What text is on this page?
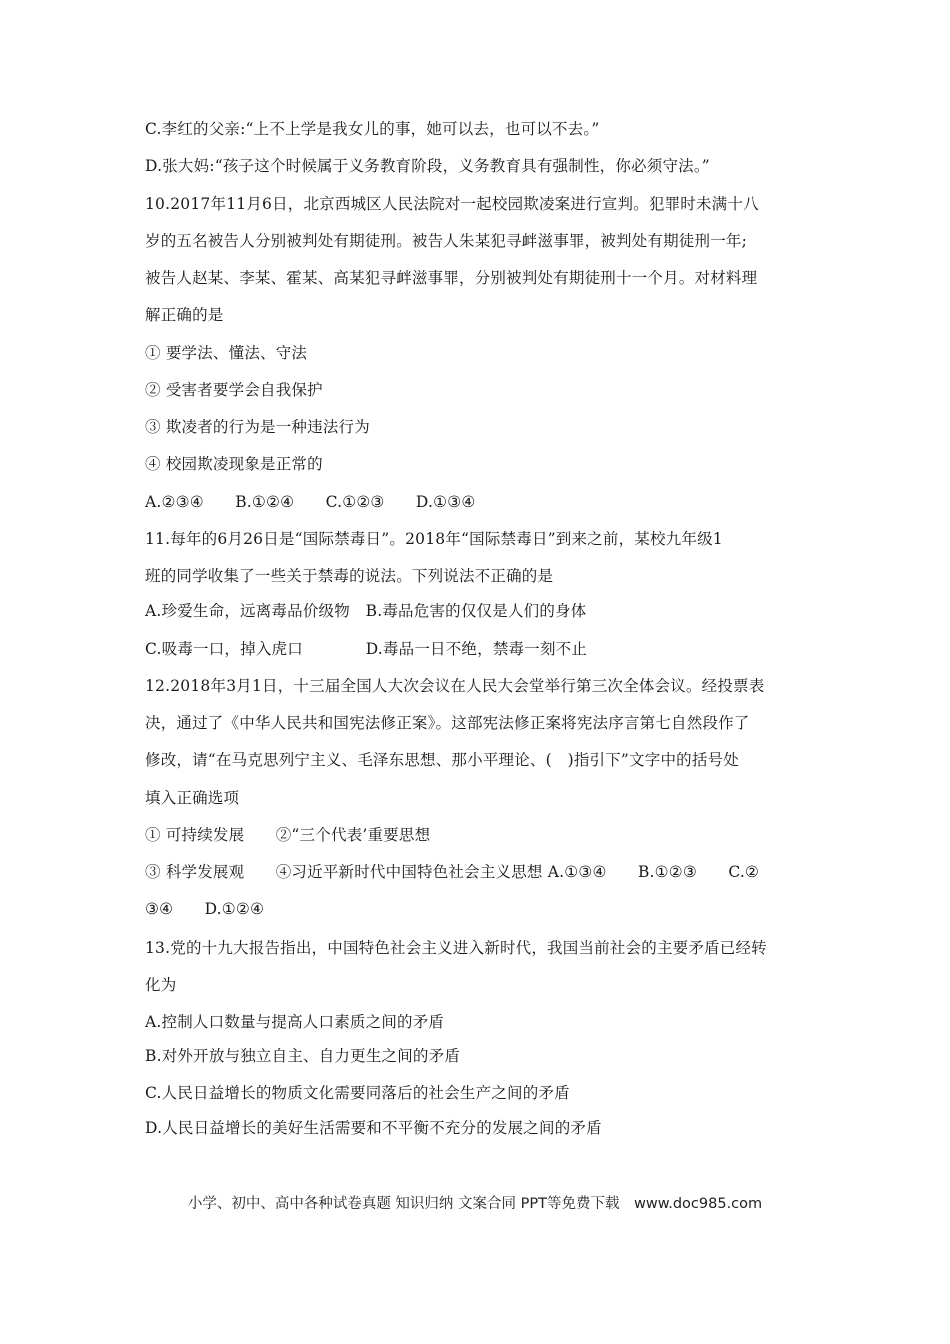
C.李红的父亲:“上不上学是我女儿的事，她可以去，也可以不去。”
D.张大妈:“孩子这个时候属于义务教育阶段，义务教育具有强制性，你必须守法。”
10.2017年11月6日，北京西城区人民法院对一起校园欺凌案进行宣判。犯罪时未满十八
岁的五名被告人分别被判处有期徒刑。被告人朱某犯寻衅滋事罪，被判处有期徒刑一年;
被告人赵某、李某、霍某、高某犯寻衅滋事罪，分别被判处有期徒刑十一个月。对材料理
解正确的是
① 要学法、懂法、守法
② 受害者要学会自我保护
③ 欺凌者的行为是一种违法行为
④ 校园欺凌现象是正常的
A.②③④　　B.①②④　　C.①②③　　D.①③④
11.每年的6月26日是“国际禁毒日”。2018年“国际禁毒日”到来之前，某校九年级1
班的同学收集了一些关于禁毒的说法。下列说法不正确的是
A.珍爱生命，远离毒品价级物　B.毒品危害的仅仅是人们的身体
C.吸毒一口，掉入虎口　　　　D.毒品一日不绝，禁毒一刻不止
12.2018年3月1日，十三届全国人大次会议在人民大会堂举行第三次全体会议。经投票表
决，通过了《中华人民共和国宪法修正案》。这部宪法修正案将宪法序言第七自然段作了
修改，请“在马克思列宁主义、毛泽东思想、那小平理论、(　)指引下”文字中的括号处
填入正确选项
① 可持续发展　　②“三个代表’重要思想
③ 科学发展观　　④习近平新时代中国特色社会主义思想 A.①③④　　B.①②③　　C.②
③④　　D.①②④
13.党的十九大报告指出，中国特色社会主义进入新时代，我国当前社会的主要矛盾已经转
化为
A.控制人口数量与提高人口素质之间的矛盾
B.对外开放与独立自主、自力更生之间的矛盾
C.人民日益增长的物质文化需要同落后的社会生产之间的矛盾
D.人民日益增长的美好生活需要和不平衡不充分的发展之间的矛盾
小学、初中、高中各种试卷真题 知识归纳 文案合同 PPT等免费下载　www.doc985.com
